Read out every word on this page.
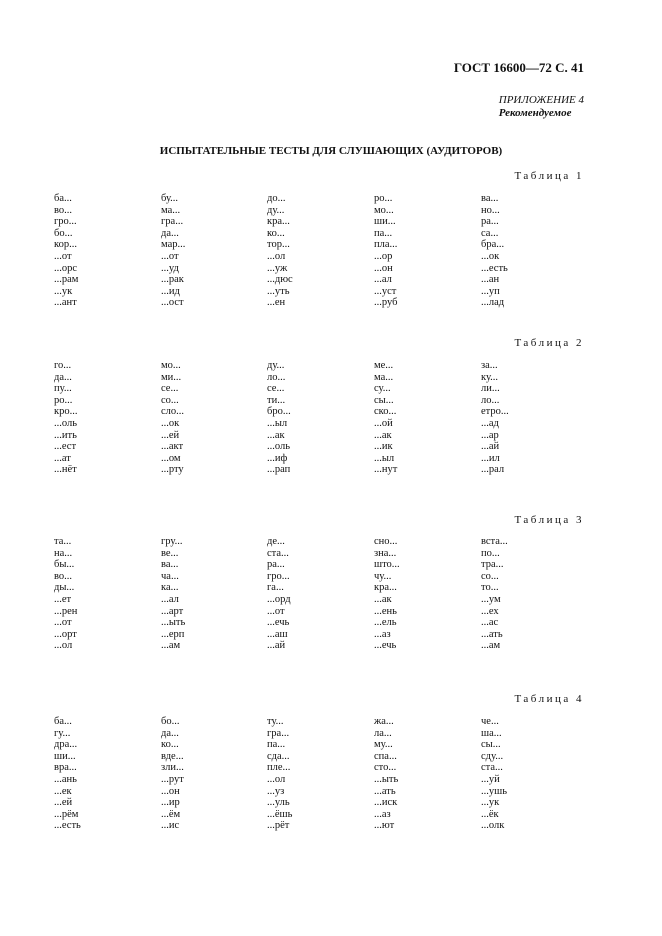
ГОСТ 16600—72 С. 41
ПРИЛОЖЕНИЕ 4
Рекомендуемое
ИСПЫТАТЕЛЬНЫЕ ТЕСТЫ ДЛЯ СЛУШАЮЩИХ (АУДИТОРОВ)
Таблица 1
ба...
во...
гро...
бо...
кор...
...от
...орс
...рам
...ук
...ант
бу...
ма...
гра...
да...
мар...
...от
...уд
...рак
...ид
...ост
до...
ду...
кра...
ко...
тор...
...ол
...уж
...дюс
...уть
...ен
ро...
мо...
ши...
па...
пла...
...ор
...он
...ал
...уст
...руб
ва...
но...
ра...
са...
бра...
...ок
...есть
...ан
...уп
...лад
Таблица 2
го...
да...
пу...
ро...
кро...
...оль
...ить
...ест
...ат
...нёт
мо...
ми...
се...
со...
сло...
...ок
...ей
...акт
...ом
...рту
ду...
ло...
се...
ти...
бро...
...ыл
...ак
...оль
...иф
...рап
ме...
ма...
су...
сы...
ско...
...ой
...ак
...ик
...ыл
...нут
за...
ку...
ли...
ло...
етро...
...ад
...ар
...ай
...ил
...рал
Таблица 3
та...
на...
бы...
во...
ды...
...ет
...рен
...от
...орт
...ол
гру...
ве...
ва...
ча...
ка...
...ал
...арт
...ыть
...ерп
...ам
де...
ста...
ра...
гро...
га...
...орд
...от
...ечь
...аш
...ай
сно...
зна...
што...
чу...
кра...
...ак
...ень
...ель
...аз
...ечь
вста...
по...
тра...
со...
то...
...ум
...ех
...ас
...ать
...ам
Таблица 4
ба...
гу...
дра...
ши...
вра...
...ань
...ек
...ей
...рём
...есть
бо...
да...
ко...
вде...
зли...
...рут
...он
...ир
...ём
...ис
ту...
гра...
па...
сда...
пле...
...ол
...уз
...уль
...ёшь
...рёт
жа...
ла...
му...
спа...
сто...
...ыть
...ать
...иск
...аз
...ют
че...
ша...
сы...
сду...
ста...
...уй
...ушь
...ук
...ёк
...олк
